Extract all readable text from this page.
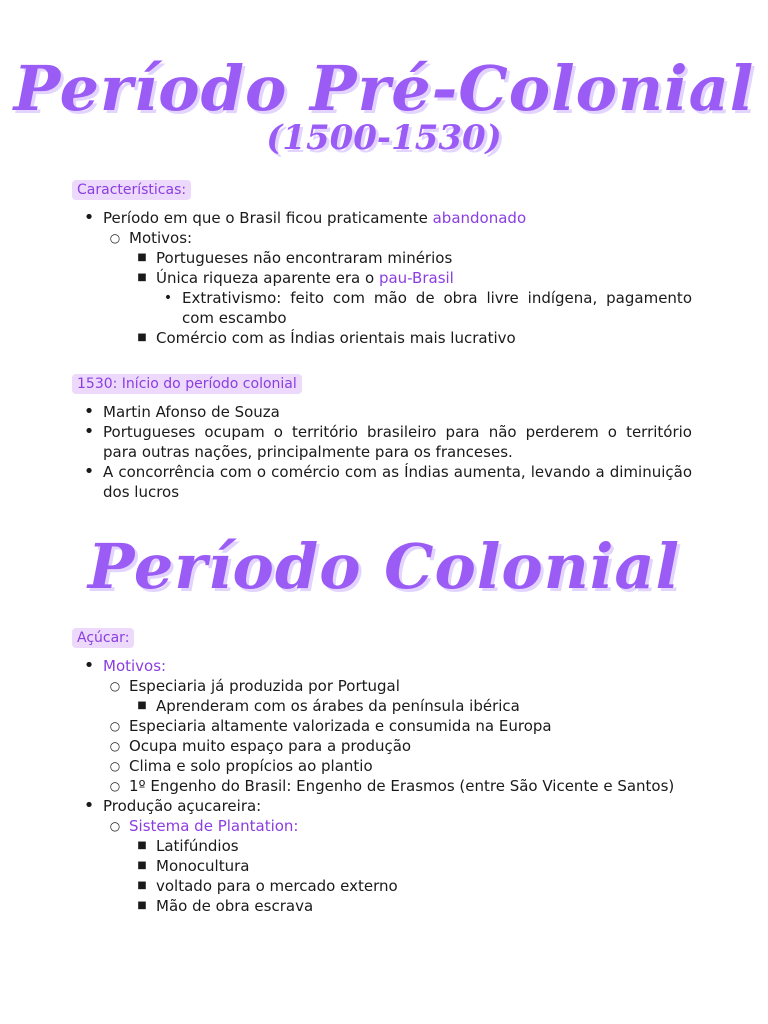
Período Pré-Colonial
(1500-1530)
Características:
• Período em que o Brasil ficou praticamente abandonado
○ Motivos:
■ Portugueses não encontraram minérios
■ Única riqueza aparente era o pau-Brasil
• Extrativismo: feito com mão de obra livre indígena, pagamento com escambo
■ Comércio com as Índias orientais mais lucrativo
1530: Início do período colonial
• Martin Afonso de Souza
• Portugueses ocupam o território brasileiro para não perderem o território para outras nações, principalmente para os franceses.
• A concorrência com o comércio com as Índias aumenta, levando a diminuição dos lucros
Período Colonial
Açúcar:
• Motivos:
○ Especiaria já produzida por Portugal
■ Aprenderam com os árabes da península ibérica
○ Especiaria altamente valorizada e consumida na Europa
○ Ocupa muito espaço para a produção
○ Clima e solo propícios ao plantio
○ 1º Engenho do Brasil: Engenho de Erasmos (entre São Vicente e Santos)
• Produção açucareira:
○ Sistema de Plantation:
■ Latifúndios
■ Monocultura
■ voltado para o mercado externo
■ Mão de obra escrava
